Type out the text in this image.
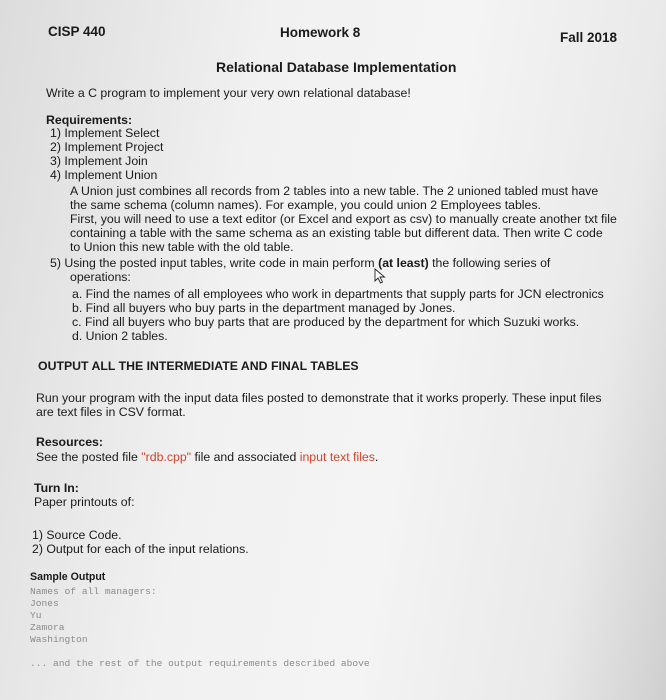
CISP 440	Homework 8	Fall 2018
Relational Database Implementation
Write a C program to implement your very own relational database!
Requirements:
1) Implement Select
2) Implement Project
3) Implement Join
4) Implement Union
A Union just combines all records from 2 tables into a new table. The 2 unioned tabled must have
the same schema (column names). For example, you could union 2 Employees tables.
First, you will need to use a text editor (or Excel and export as csv) to manually create another txt file
containing a table with the same schema as an existing table but different data. Then write C code
to Union this new table with the old table.
5) Using the posted input tables, write code in main perform (at least) the following series of
operations:
a. Find the names of all employees who work in departments that supply parts for JCN electronics
b. Find all buyers who buy parts in the department managed by Jones.
c. Find all buyers who buy parts that are produced by the department for which Suzuki works.
d. Union 2 tables.
OUTPUT ALL THE INTERMEDIATE AND FINAL TABLES
Run your program with the input data files posted to demonstrate that it works properly. These input files
are text files in CSV format.
Resources:
See the posted file "rdb.cpp" file and associated input text files.
Turn In:
Paper printouts of:
1) Source Code.
2) Output for each of the input relations.
Sample Output
Names of all managers:
Jones
Yu
Zamora
Washington
... and the rest of the output requirements described above
